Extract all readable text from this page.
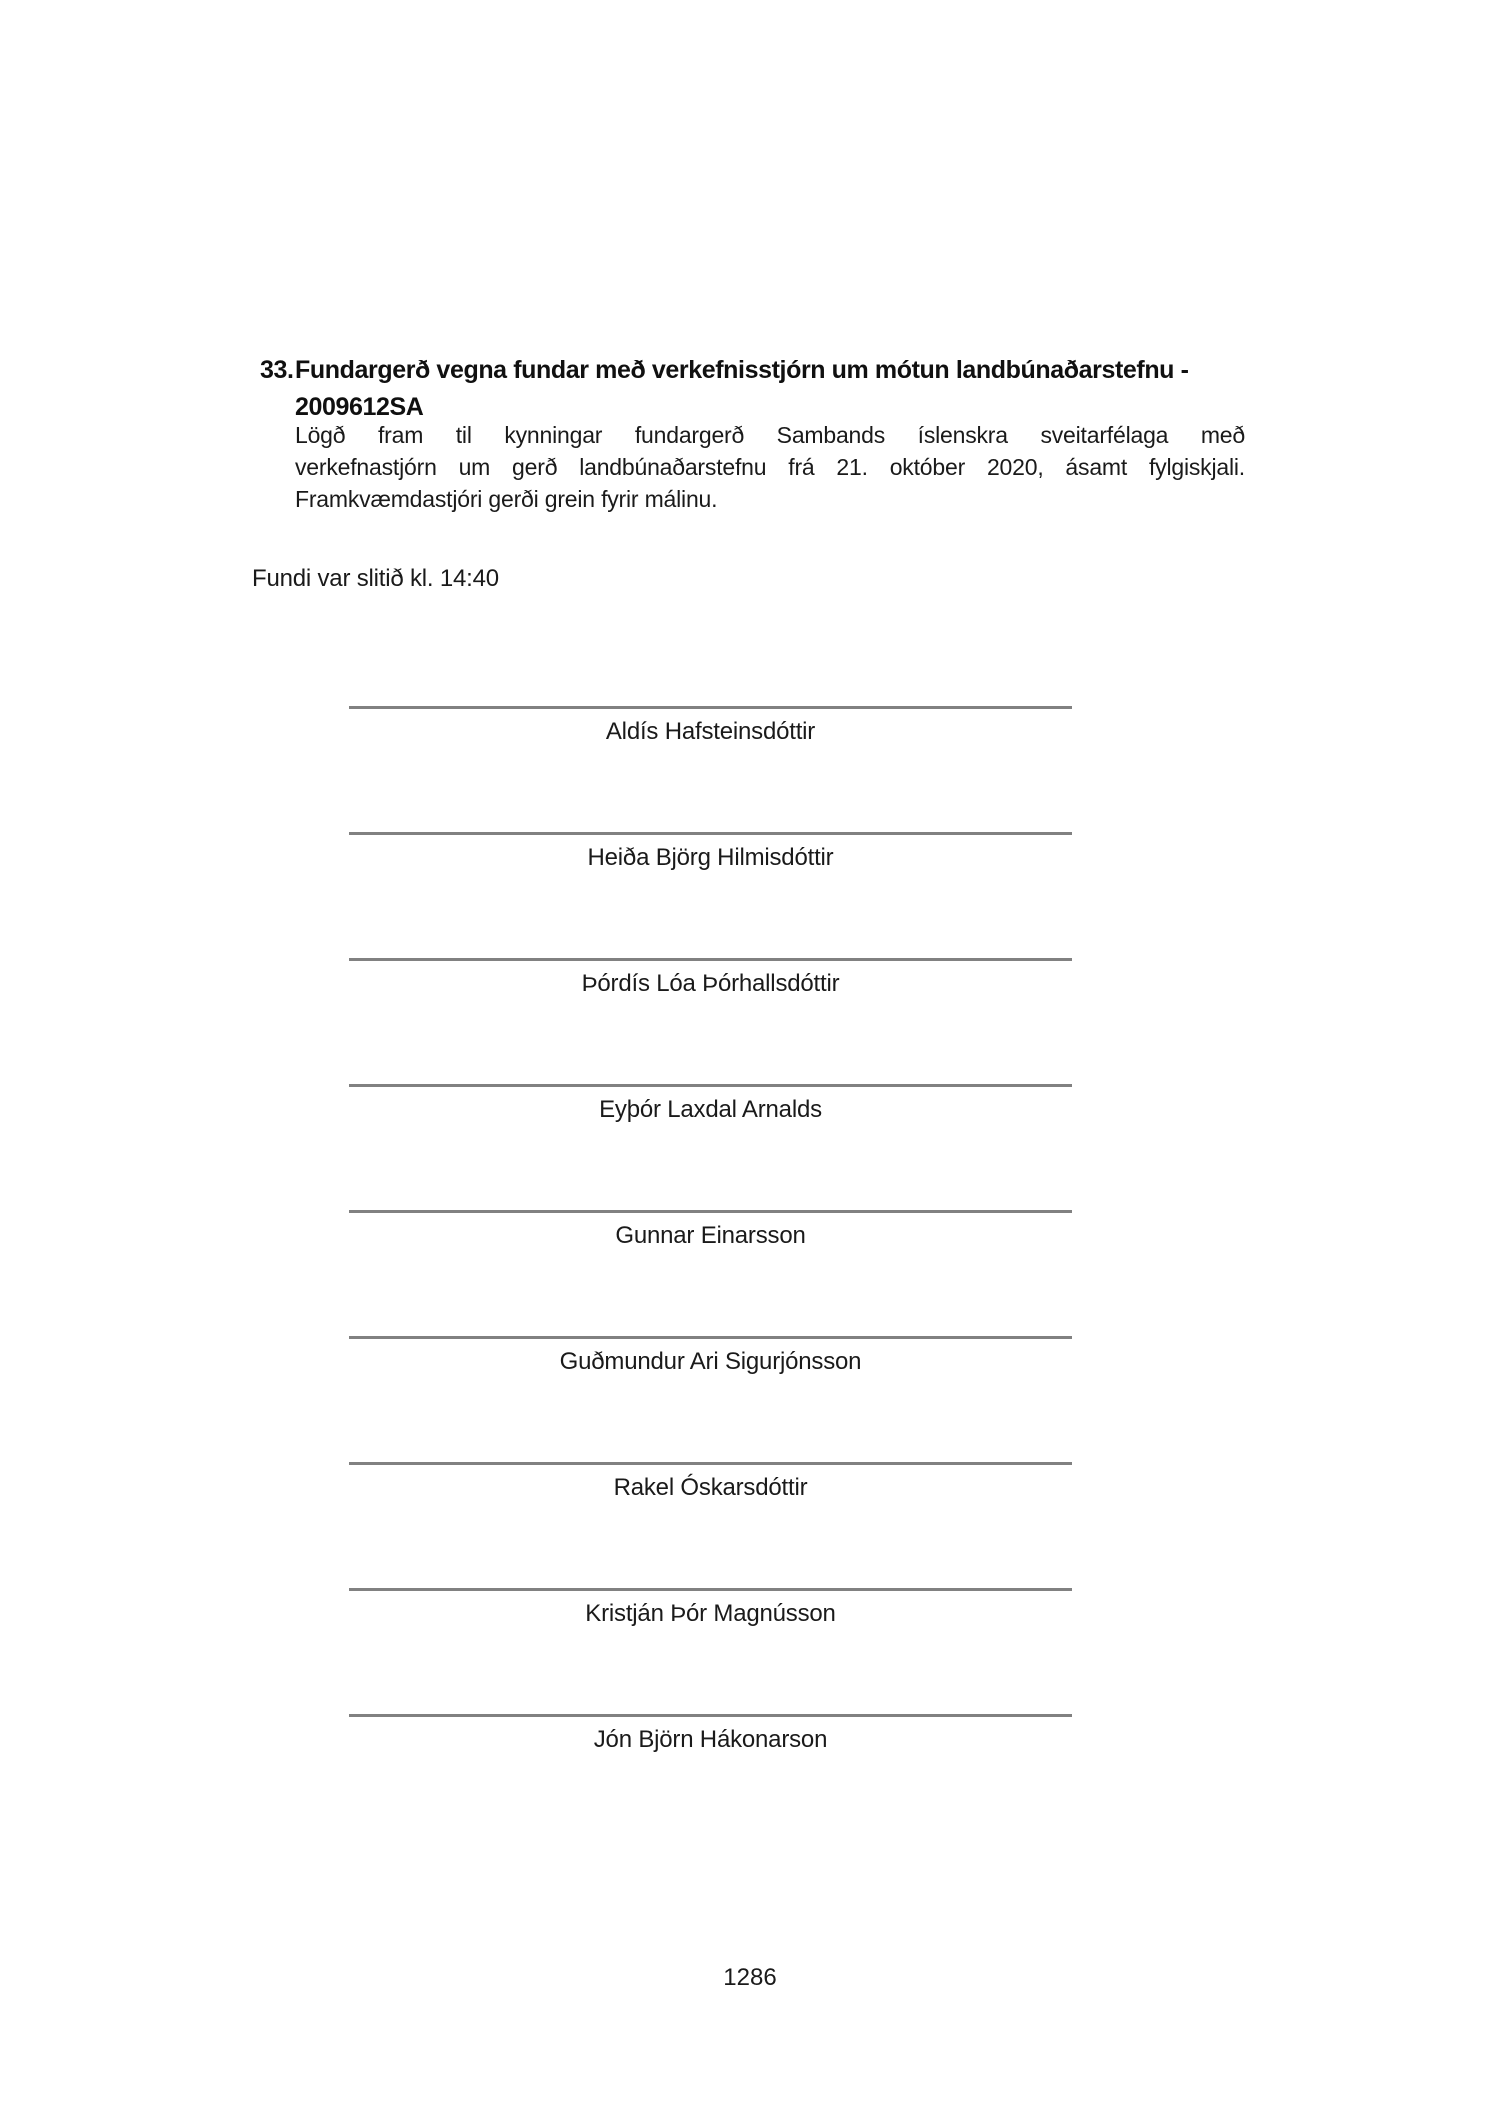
33. Fundargerð vegna fundar með verkefnisstjórn um mótun landbúnaðarstefnu -
2009612SA
Lögð fram til kynningar fundargerð Sambands íslenskra sveitarfélaga með
verkefnastjórn um gerð landbúnaðarstefnu frá 21. október 2020, ásamt fylgiskjali.
Framkvæmdastjóri gerði grein fyrir málinu.
Fundi var slitið kl. 14:40
Aldís Hafsteinsdóttir
Heiða Björg Hilmisdóttir
Þórdís Lóa Þórhallsdóttir
Eyþór Laxdal Arnalds
Gunnar Einarsson
Guðmundur Ari Sigurjónsson
Rakel Óskarsdóttir
Kristján Þór Magnússon
Jón Björn Hákonarson
1286
